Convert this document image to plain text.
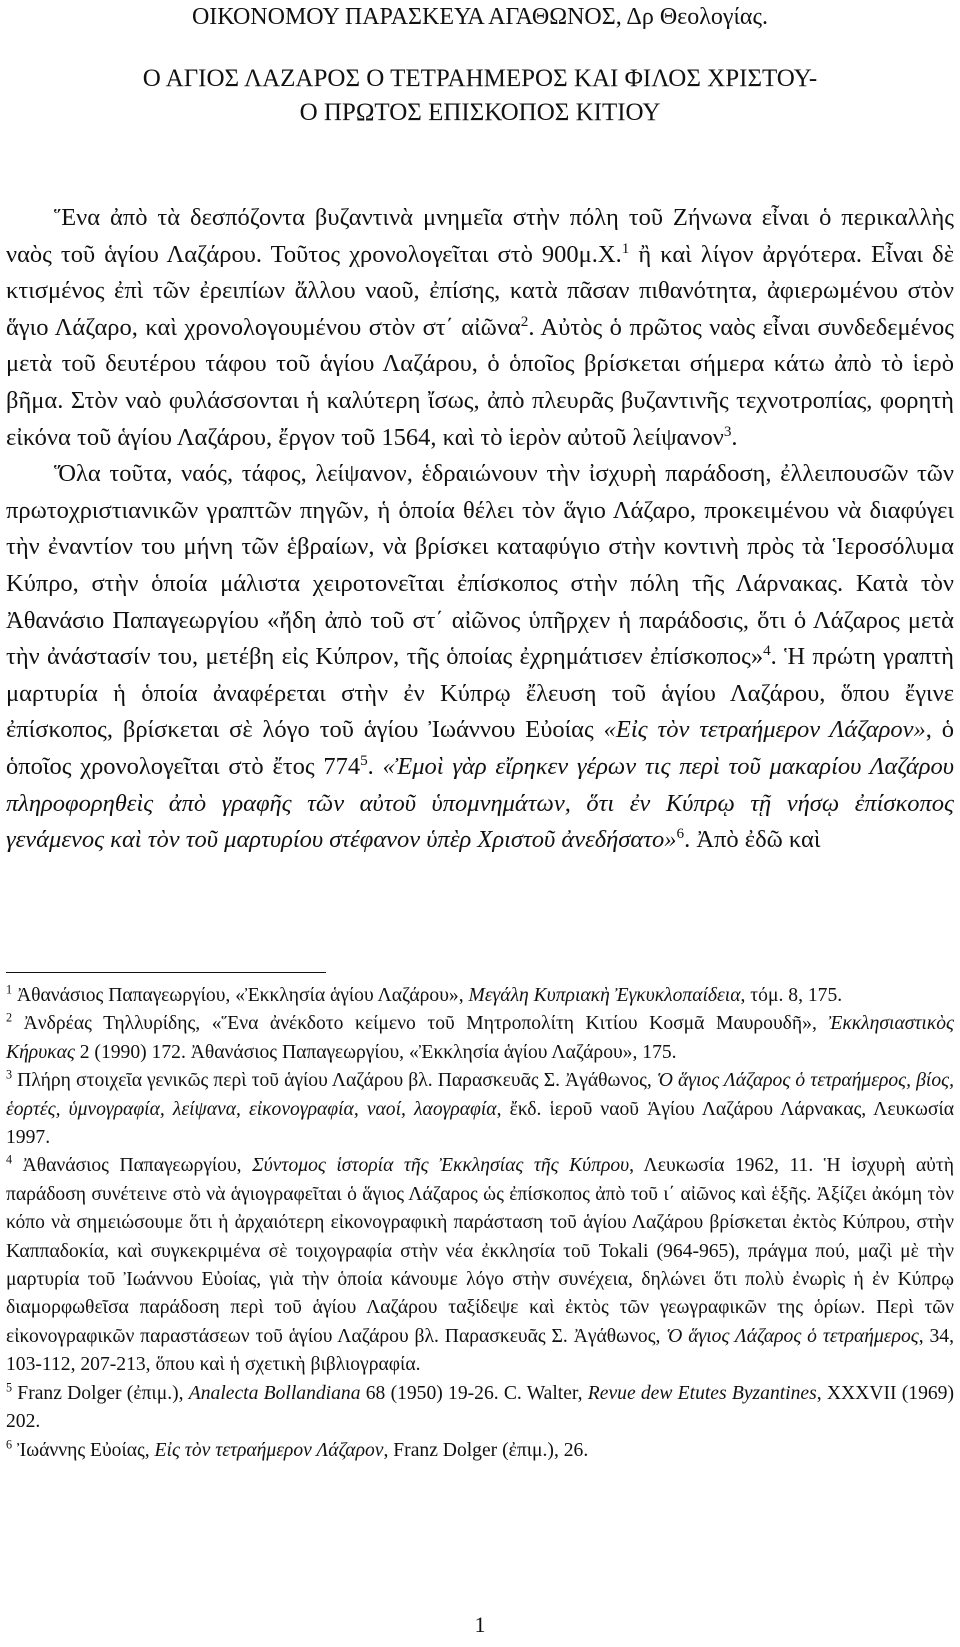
ΟΙΚΟΝΟΜΟΥ ΠΑΡΑΣΚΕΥΑ ΑΓΑΘΩΝΟΣ, Δρ Θεολογίας.
Ο ΑΓΙΟΣ ΛΑΖΑΡΟΣ Ο ΤΕΤΡΑΗΜΕΡΟΣ ΚΑΙ ΦΙΛΟΣ ΧΡΙΣΤΟΥ-
Ο ΠΡΩΤΟΣ ΕΠΙΣΚΟΠΟΣ ΚΙΤΙΟΥ

Ἕνα ἀπὸ τὰ δεσπόζοντα βυζαντινὰ μνημεῖα στὴν πόλη τοῦ Ζήνωνα εἶναι ὁ περικαλλὴς ναὸς τοῦ ἁγίου Λαζάρου. Τοῦτος χρονολογεῖται στὸ 900μ.Χ.$^1$ ἢ καὶ λίγον ἀργότερα. Εἶναι δὲ κτισμένος ἐπὶ τῶν ἐρειπίων ἄλλου ναοῦ, ἐπίσης, κατὰ πᾶσαν πιθανότητα, ἀφιερωμένου στὸν ἅγιο Λάζαρο, καὶ χρονολογουμένου στὸν στ΄ αἰῶνα$^2$. Αὐτὸς ὁ πρῶτος ναὸς εἶναι συνδεδεμένος μετὰ τοῦ δευτέρου τάφου τοῦ ἁγίου Λαζάρου, ὁ ὁποῖος βρίσκεται σήμερα κάτω ἀπὸ τὸ ἱερὸ βῆμα. Στὸν ναὸ φυλάσσονται ἡ καλύτερη ἴσως, ἀπὸ πλευρᾶς βυζαντινῆς τεχνοτροπίας, φορητὴ εἰκόνα τοῦ ἁγίου Λαζάρου, ἔργον τοῦ 1564, καὶ τὸ ἱερὸν αὐτοῦ λείψανον$^3$.

Ὅλα τοῦτα, ναός, τάφος, λείψανον, ἑδραιώνουν τὴν ἰσχυρὴ παράδοση, ἐλλειπουσῶν τῶν πρωτοχριστιανικῶν γραπτῶν πηγῶν, ἡ ὁποία θέλει τὸν ἅγιο Λάζαρο, προκειμένου νὰ διαφύγει τὴν ἐναντίον του μήνη τῶν ἑβραίων, νὰ βρίσκει καταφύγιο στὴν κοντινὴ πρὸς τὰ Ἱεροσόλυμα Κύπρο, στὴν ὁποία μάλιστα χειροτονεῖται ἐπίσκοπος στὴν πόλη τῆς Λάρνακας. Κατὰ τὸν Ἀθανάσιο Παπαγεωργίου «ἤδη ἀπὸ τοῦ στ΄ αἰῶνος ὑπῆρχεν ἡ παράδοσις, ὅτι ὁ Λάζαρος μετὰ τὴν ἀνάστασίν του, μετέβη εἰς Κύπρον, τῆς ὁποίας ἐχρημάτισεν ἐπίσκοπος»$^4$. Ἡ πρώτη γραπτὴ μαρτυρία ἡ ὁποία ἀναφέρεται στὴν ἐν Κύπρῳ ἔλευση τοῦ ἁγίου Λαζάρου, ὅπου ἔγινε ἐπίσκοπος, βρίσκεται σὲ λόγο τοῦ ἁγίου Ἰωάννου Εὐοίας «Εἰς τὸν τετραήμερον Λάζαρον», ὁ ὁποῖος χρονολογεῖται στὸ ἔτος $774^5$. «Ἐμοὶ γὰρ εἴρηκεν γέρων τις περὶ τοῦ μακαρίου Λαζάρου πληροφορηθεὶς ἀπὸ γραφῆς τῶν αὐτοῦ ὑπομνημάτων, ὅτι ἐν Κύπρῳ τῇ νήσῳ ἐπίσκοπος γενάμενος καὶ τὸν τοῦ μαρτυρίου στέφανον ὑπὲρ Χριστοῦ ἀνεδήσατο»$^6$. Ἀπὸ ἐδῶ καὶ

$^1$ Ἀθανάσιος Παπαγεωργίου, «Ἐκκλησία ἁγίου Λαζάρου», Μεγάλη Κυπριακὴ Ἐγκυκλοπαίδεια, τόμ. 8, 175.

$^2$ Ἀνδρέας Τηλλυρίδης, «Ἕνα ἀνέκδοτο κείμενο τοῦ Μητροπολίτη Κιτίου Κοσμᾶ Μαυρουδῆ», Ἐκκλησιαστικὸς Κήρυκας 2 (1990) 172. Ἀθανάσιος Παπαγεωργίου, «Ἐκκλησία ἁγίου Λαζάρου», 175.

$^3$ Πλήρη στοιχεῖα γενικῶς περὶ τοῦ ἁγίου Λαζάρου βλ. Παρασκευᾶς Σ. Ἀγάθωνος, Ὁ ἅγιος Λάζαρος ὁ τετραήμερος, βίος, ἑορτές, ὑμνογραφία, λείψανα, εἰκονογραφία, ναοί, λαογραφία, ἔκδ. ἱεροῦ ναοῦ Ἁγίου Λαζάρου Λάρνακας, Λευκωσία 1997.

$^4$ Ἀθανάσιος Παπαγεωργίου, Σύντομος ἱστορία τῆς Ἐκκλησίας τῆς Κύπρου, Λευκωσία 1962, 11. Ἡ ἰσχυρὴ αὐτὴ παράδοση συνέτεινε στὸ νὰ ἁγιογραφεῖται ὁ ἅγιος Λάζαρος ὡς ἐπίσκοπος ἀπὸ τοῦ ι΄ αἰῶνος καὶ ἑξῆς. Ἀξίζει ἀκόμη τὸν κόπο νὰ σημειώσουμε ὅτι ἡ ἀρχαιότερη εἰκονογραφικὴ παράσταση τοῦ ἁγίου Λαζάρου βρίσκεται ἐκτὸς Κύπρου, στὴν Καππαδοκία, καὶ συγκεκριμένα σὲ τοιχογραφία στὴν νέα ἐκκλησία τοῦ Tokali (964-965), πράγμα πού, μαζὶ μὲ τὴν μαρτυρία τοῦ Ἰωάννου Εὐοίας, γιὰ τὴν ὁποία κάνουμε λόγο στὴν συνέχεια, δηλώνει ὅτι πολὺ ἐνωρὶς ἡ ἐν Κύπρῳ διαμορφωθεῖσα παράδοση περὶ τοῦ ἁγίου Λαζάρου ταξίδεψε καὶ ἐκτὸς τῶν γεωγραφικῶν της ὁρίων. Περὶ τῶν εἰκονογραφικῶν παραστάσεων τοῦ ἁγίου Λαζάρου βλ. Παρασκευᾶς Σ. Ἀγάθωνος, Ὁ ἅγιος Λάζαρος ὁ τετραήμερος, 34, 103-112, 207-213, ὅπου καὶ ἡ σχετικὴ βιβλιογραφία.

$^5$ Franz Dolger (ἐπιμ.), Analecta Bollandiana 68 (1950) 19-26. C. Walter, Revue dew Etutes Byzantines, XXXVII (1969) 202.

$^6$ Ἰωάννης Εὐοίας, Εἰς τὸν τετραήμερον Λάζαρον, Franz Dolger (ἐπιμ.), 26.

1
